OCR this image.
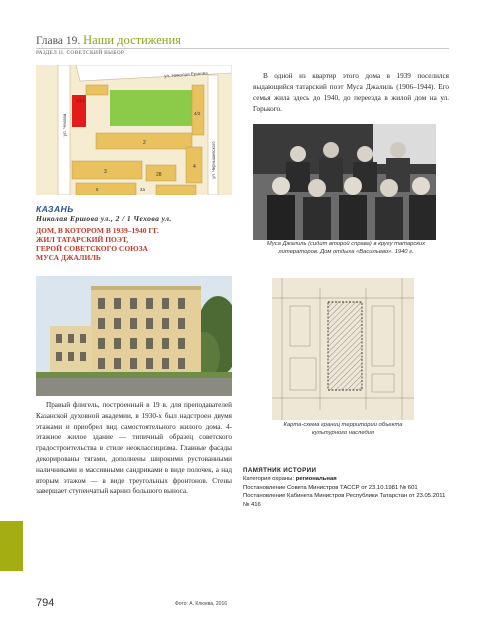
Глава 19. Наши достижения
РАЗДЕЛ II. СОВЕТСКИЙ ВЫБОР
ул. Николая Ершова
ул. Чехова
ул. Чернышевского
1/1а
4/2
2
4
3	28
2а
5
В одной из квартир этого дома в 1939 поселился выдающийся татарский поэт Муса Джалиль (1906–1944). Его семья жила здесь до 1940, до переезда в жилой дом на ул. Горького.
Муса Джалиль (сидит второй справа) в кругу татарских литераторов. Дом отдыха «Васильево». 1940 г.
КАЗАНЬ
Николая Ершова ул., 2 / 1 Чехова ул.
ДОМ, В КОТОРОМ В 1939–1940 ГГ.
ЖИЛ ТАТАРСКИЙ ПОЭТ,
ГЕРОЙ СОВЕТСКОГО СОЮЗА
МУСА ДЖАЛИЛЬ
Правый флигель, построенный в 19 в. для преподавателей Казанской духовной академии, в 1930-х был надстроен двумя этажами и приобрел вид самостоятельного жилого дома. 4-этажное жилое здание — типичный образец советского градостроительства в стиле неоклассицизма. Главные фасады декорированы тягами, дополнены широкими рустованными наличниками и массивными сандриками в виде полочек, а над вторым этажом — в виде треугольных фронтонов. Стены завершает ступенчатый карниз большого выноса.
Карта-схема границ территории объекта культурного наследия
ПАМЯТНИК ИСТОРИИ
Категория охраны: региональная
Постановление Совета Министров ТАССР от 23.10.1981 № 601
Постановление Кабинета Министров Республики Татарстан от 23.05.2011 № 416
794	Фото: А. Клюева, 2016
